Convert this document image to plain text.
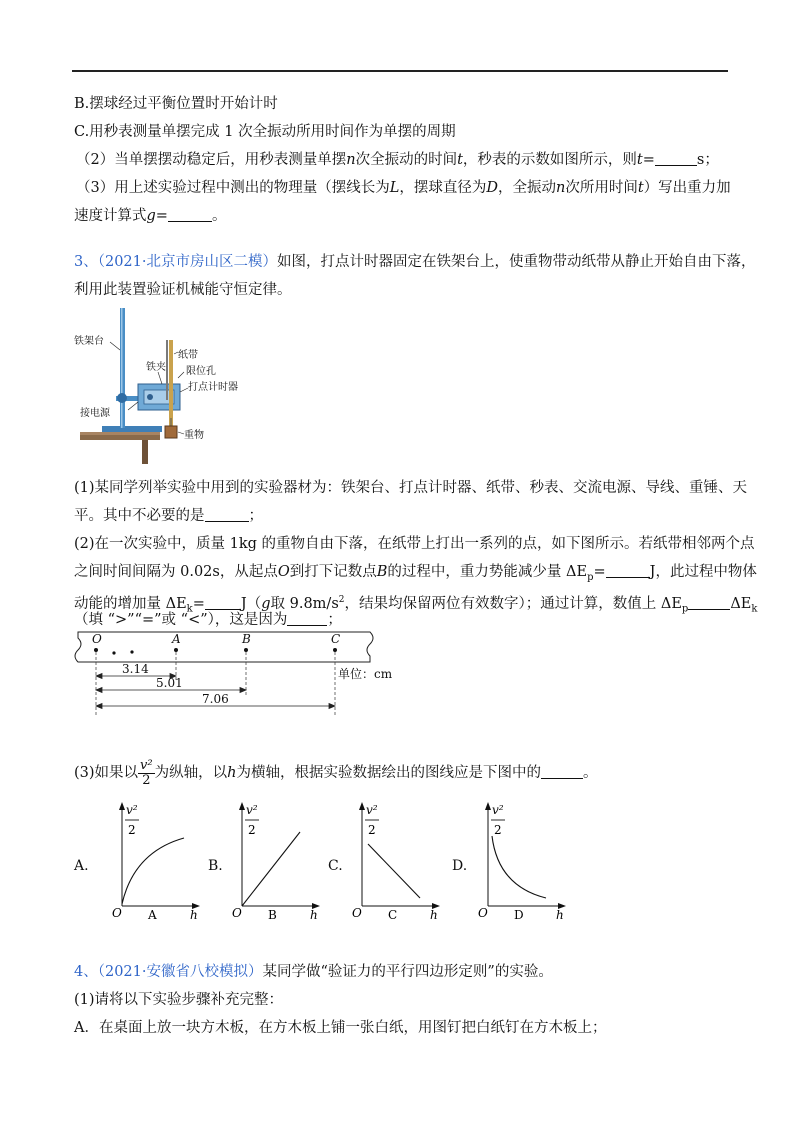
B.摆球经过平衡位置时开始计时
C.用秒表测量单摆完成 1 次全振动所用时间作为单摆的周期
（2）当单摆摆动稳定后，用秒表测量单摆n次全振动的时间t，秒表的示数如图所示，则t=	s；
（3）用上述实验过程中测出的物理量（摆线长为L，摆球直径为D，全振动n次所用时间t）写出重力加
速度计算式g=	。
3、（2021·北京市房山区二模）如图，打点计时器固定在铁架台上，使重物带动纸带从静止开始自由下落，
利用此装置验证机械能守恒定律。
铁架台
铁夹
纸带
限位孔
打点计时器
接电源
重物
(1)某同学列举实验中用到的实验器材为：铁架台、打点计时器、纸带、秒表、交流电源、导线、重锤、天
平。其中不必要的是	；
(2)在一次实验中，质量 1kg 的重物自由下落，在纸带上打出一系列的点，如下图所示。若纸带相邻两个点
之间时间间隔为 0.02s，从起点O到打下记数点B的过程中，重力势能减少量 $\Delta E_p=$	J，此过程中物体
动能的增加量 $\Delta E_k= J(g$取 $9.8m/s^2$，结果均保留两位有效数字）；通过计算，数值上 $\Delta E_p$	$\Delta E_k$
（填 “>”“=”或 “<”），这是因为	；
O	A	B	C
3.14
5.01
7.06
单位：cm
(3)如果以 $\frac{\text{v²}}{2}$ 为纵轴，以h为横轴，根据实验数据绘出的图线应是下图中的	。
A.
v²
2
O A	h
B.
v²
2
O B	h
C.
v²
2
O C	h
D.
v²
2
O D	h
4、（2021·安徽省八校模拟）某同学做“验证力的平行四边形定则”的实验。
(1)请将以下实验步骤补充完整：
A．在桌面上放一块方木板，在方木板上铺一张白纸，用图钉把白纸钉在方木板上；
